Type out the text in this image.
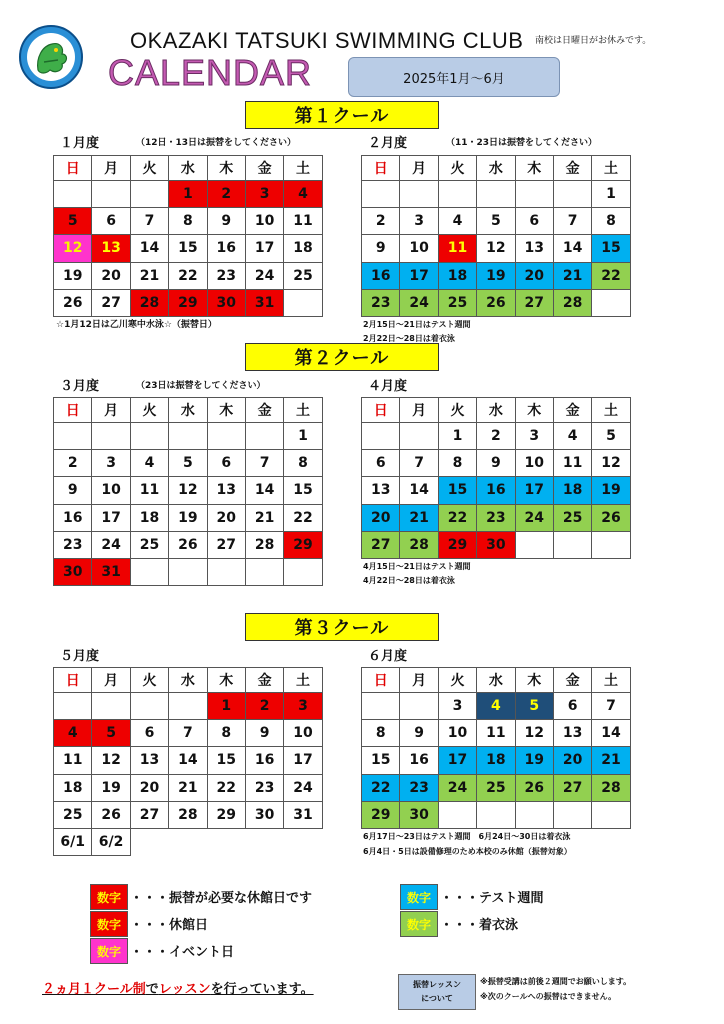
OKAZAKI TATSUKI SWIMMING CLUB
CALENDAR
南校は日曜日がお休みです。
2025年1月～6月
第１クール
第２クール
第３クール
１月度	（12日・13日は振替をしてください）	２月度	（11・23日は振替をしてください）
３月度	（23日は振替をしてください）	４月度
５月度	６月度
日	月	火	水	木	金	土
			1	2	3	4
5	6	7	8	9	10	11
12	13	14	15	16	17	18
19	20	21	22	23	24	25
26	27	28	29	30	31	
日	月	火	水	木	金	土
						1
2	3	4	5	6	7	8
9	10	11	12	13	14	15
16	17	18	19	20	21	22
23	24	25	26	27	28	
日	月	火	水	木	金	土
						1
2	3	4	5	6	7	8
9	10	11	12	13	14	15
16	17	18	19	20	21	22
23	24	25	26	27	28	29
30	31					
日	月	火	水	木	金	土
		1	2	3	4	5
6	7	8	9	10	11	12
13	14	15	16	17	18	19
20	21	22	23	24	25	26
27	28	29	30			
日	月	火	水	木	金	土
				1	2	3
4	5	6	7	8	9	10
11	12	13	14	15	16	17
18	19	20	21	22	23	24
25	26	27	28	29	30	31
6/1	6/2					
日	月	火	水	木	金	土
		3	4	5	6	7
8	9	10	11	12	13	14
15	16	17	18	19	20	21
22	23	24	25	26	27	28
29	30					
☆1月12日は乙川寒中水泳☆（振替日）	2月15日～21日はテスト週間
2月22日～28日は着衣泳
4月15日～21日はテスト週間
4月22日～28日は着衣泳
6月17日～23日はテスト週間　6月24日～30日は着衣泳
6月4日・5日は設備修理のため本校のみ休館（振替対象）
数字 ・・・振替が必要な休館日です
数字 ・・・休館日
数字 ・・・イベント日
数字 ・・・テスト週間
数字 ・・・着衣泳
２ヵ月１クール制でレッスンを行っています。	振替レッスン
について
※振替受講は前後２週間でお願いします。
※次のクールへの振替はできません。
